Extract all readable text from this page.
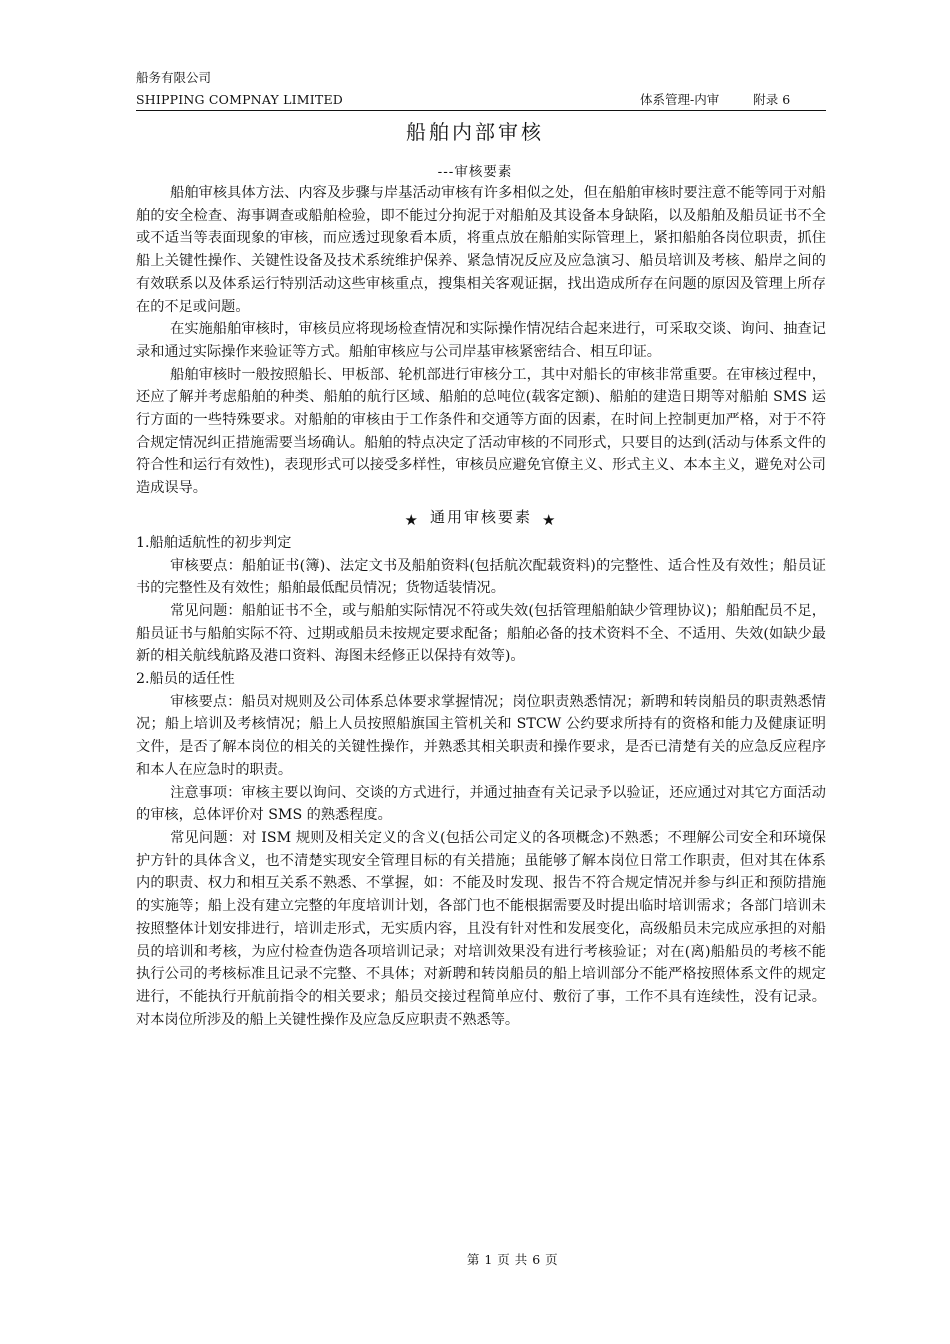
船务有限公司
SHIPPING COMPNAY LIMITED	体系管理-内审	附录 6
船舶内部审核
---审核要素

船舶审核具体方法、内容及步骤与岸基活动审核有许多相似之处，但在船舶审核时要注意不能等同于对船舶的安全检查、海事调查或船舶检验，即不能过分拘泥于对船舶及其设备本身缺陷，以及船舶及船员证书不全或不适当等表面现象的审核，而应透过现象看本质，将重点放在船舶实际管理上，紧扣船舶各岗位职责，抓住船上关键性操作、关键性设备及技术系统维护保养、紧急情况反应及应急演习、船员培训及考核、船岸之间的有效联系以及体系运行特别活动这些审核重点，搜集相关客观证据，找出造成所存在问题的原因及管理上所存在的不足或问题。

在实施船舶审核时，审核员应将现场检查情况和实际操作情况结合起来进行，可采取交谈、询问、抽查记录和通过实际操作来验证等方式。船舶审核应与公司岸基审核紧密结合、相互印证。

船舶审核时一般按照船长、甲板部、轮机部进行审核分工，其中对船长的审核非常重要。在审核过程中，还应了解并考虑船舶的种类、船舶的航行区域、船舶的总吨位(载客定额)、船舶的建造日期等对船舶 SMS 运行方面的一些特殊要求。对船舶的审核由于工作条件和交通等方面的因素，在时间上控制更加严格，对于不符合规定情况纠正措施需要当场确认。船舶的特点决定了活动审核的不同形式，只要目的达到(活动与体系文件的符合性和运行有效性)，表现形式可以接受多样性，审核员应避免官僚主义、形式主义、本本主义，避免对公司造成误导。

★ 通用审核要素 ★

1.船舶适航性的初步判定

审核要点：船舶证书(簿)、法定文书及船舶资料(包括航次配载资料)的完整性、适合性及有效性；船员证书的完整性及有效性；船舶最低配员情况；货物适装情况。

常见问题：船舶证书不全，或与船舶实际情况不符或失效(包括管理船舶缺少管理协议)；船舶配员不足，船员证书与船舶实际不符、过期或船员未按规定要求配备；船舶必备的技术资料不全、不适用、失效(如缺少最新的相关航线航路及港口资料、海图未经修正以保持有效等)。

2.船员的适任性

审核要点：船员对规则及公司体系总体要求掌握情况；岗位职责熟悉情况；新聘和转岗船员的职责熟悉情况；船上培训及考核情况；船上人员按照船旗国主管机关和 STCW 公约要求所持有的资格和能力及健康证明文件，是否了解本岗位的相关的关键性操作，并熟悉其相关职责和操作要求，是否已清楚有关的应急反应程序和本人在应急时的职责。

注意事项：审核主要以询问、交谈的方式进行，并通过抽查有关记录予以验证，还应通过对其它方面活动的审核，总体评价对 SMS 的熟悉程度。

常见问题：对 ISM 规则及相关定义的含义(包括公司定义的各项概念)不熟悉；不理解公司安全和环境保护方针的具体含义，也不清楚实现安全管理目标的有关措施；虽能够了解本岗位日常工作职责，但对其在体系内的职责、权力和相互关系不熟悉、不掌握，如：不能及时发现、报告不符合规定情况并参与纠正和预防措施的实施等；船上没有建立完整的年度培训计划，各部门也不能根据需要及时提出临时培训需求；各部门培训未按照整体计划安排进行，培训走形式，无实质内容，且没有针对性和发展变化，高级船员未完成应承担的对船员的培训和考核，为应付检查伪造各项培训记录；对培训效果没有进行考核验证；对在(离)船船员的考核不能执行公司的考核标准且记录不完整、不具体；对新聘和转岗船员的船上培训部分不能严格按照体系文件的规定进行，不能执行开航前指令的相关要求；船员交接过程简单应付、敷衍了事，工作不具有连续性，没有记录。对本岗位所涉及的船上关键性操作及应急反应职责不熟悉等。

第 1 页 共 6 页
